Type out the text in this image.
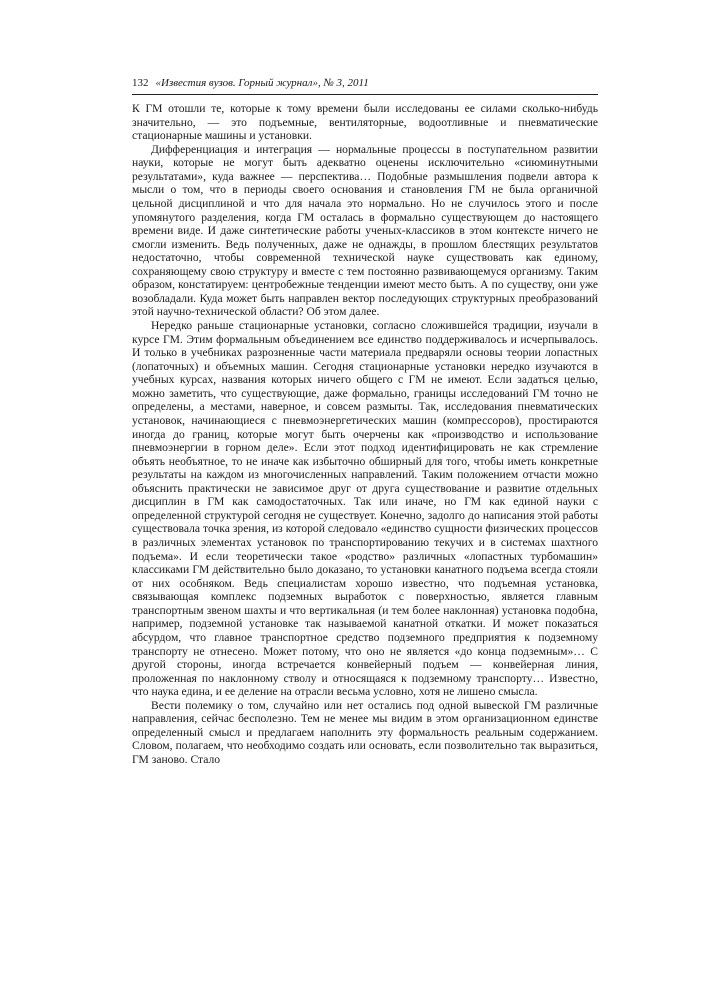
132 «Известия вузов. Горный журнал», № 3, 2011

К ГМ отошли те, которые к тому времени были исследованы ее силами сколько-нибудь значительно, — это подъемные, вентиляторные, водоотливные и пневматические стационарные машины и установки.

Дифференциация и интеграция — нормальные процессы в поступательном развитии науки, которые не могут быть адекватно оценены исключительно «сиюминутными результатами», куда важнее — перспектива… Подобные размышления подвели автора к мысли о том, что в периоды своего основания и становления ГМ не была органичной цельной дисциплиной и что для начала это нормально. Но не случилось этого и после упомянутого разделения, когда ГМ осталась в формально существующем до настоящего времени виде. И даже синтетические работы ученых-классиков в этом контексте ничего не смогли изменить. Ведь полученных, даже не однажды, в прошлом блестящих результатов недостаточно, чтобы современной технической науке существовать как единому, сохраняющему свою структуру и вместе с тем постоянно развивающемуся организму. Таким образом, констатируем: центробежные тенденции имеют место быть. А по существу, они уже возобладали. Куда может быть направлен вектор последующих структурных преобразований этой научно-технической области? Об этом далее.

Нередко раньше стационарные установки, согласно сложившейся традиции, изучали в курсе ГМ. Этим формальным объединением все единство поддерживалось и исчерпывалось. И только в учебниках разрозненные части материала предваряли основы теории лопастных (лопаточных) и объемных машин. Сегодня стационарные установки нередко изучаются в учебных курсах, названия которых ничего общего с ГМ не имеют. Если задаться целью, можно заметить, что существующие, даже формально, границы исследований ГМ точно не определены, а местами, наверное, и совсем размыты. Так, исследования пневматических установок, начинающиеся с пневмоэнергетических машин (компрессоров), простираются иногда до границ, которые могут быть очерчены как «производство и использование пневмоэнергии в горном деле». Если этот подход идентифицировать не как стремление объять необъятное, то не иначе как избыточно обширный для того, чтобы иметь конкретные результаты на каждом из многочисленных направлений. Таким положением отчасти можно объяснить практически не зависимое друг от друга существование и развитие отдельных дисциплин в ГМ как самодостаточных. Так или иначе, но ГМ как единой науки с определенной структурой сегодня не существует. Конечно, задолго до написания этой работы существовала точка зрения, из которой следовало «единство сущности физических процессов в различных элементах установок по транспортированию текучих и в системах шахтного подъема». И если теоретически такое «родство» различных «лопастных турбомашин» классиками ГМ действительно было доказано, то установки канатного подъема всегда стояли от них особняком. Ведь специалистам хорошо известно, что подъемная установка, связывающая комплекс подземных выработок с поверхностью, является главным транспортным звеном шахты и что вертикальная (и тем более наклонная) установка подобна, например, подземной установке так называемой канатной откатки. И может показаться абсурдом, что главное транспортное средство подземного предприятия к подземному транспорту не отнесено. Может потому, что оно не является «до конца подземным»… С другой стороны, иногда встречается конвейерный подъем — конвейерная линия, проложенная по наклонному стволу и относящаяся к подземному транспорту… Известно, что наука едина, и ее деление на отрасли весьма условно, хотя не лишено смысла.

Вести полемику о том, случайно или нет остались под одной вывеской ГМ различные направления, сейчас бесполезно. Тем не менее мы видим в этом организационном единстве определенный смысл и предлагаем наполнить эту формальность реальным содержанием. Словом, полагаем, что необходимо создать или основать, если позволительно так выразиться, ГМ заново. Стало
